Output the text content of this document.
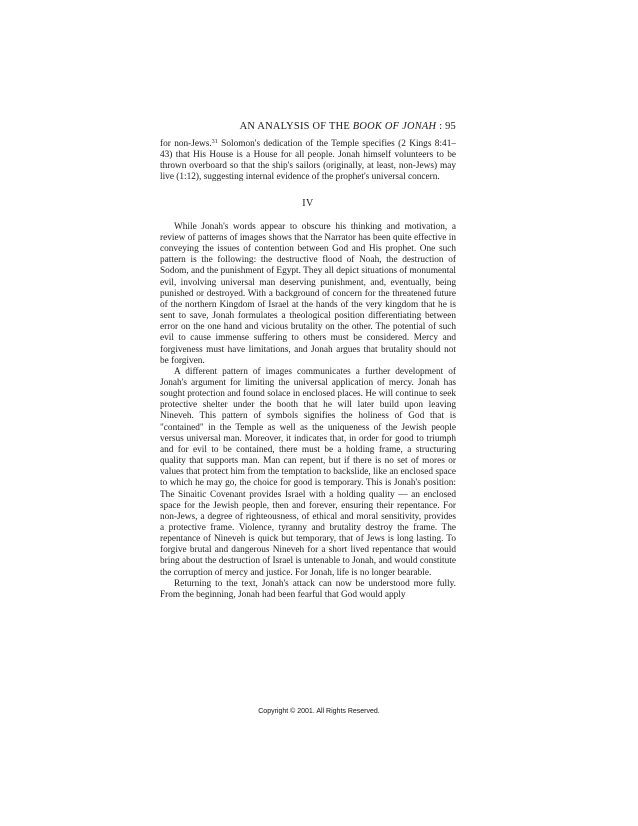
AN ANALYSIS OF THE BOOK OF JONAH : 95

for non-Jews.$^{31}$ Solomon's dedication of the Temple specifies (2 Kings 8:41–43) that His House is a House for all people. Jonah himself volunteers to be thrown overboard so that the ship's sailors (originally, at least, non-Jews) may live (1:12), suggesting internal evidence of the prophet's universal concern.

IV

While Jonah's words appear to obscure his thinking and motivation, a review of patterns of images shows that the Narrator has been quite effective in conveying the issues of contention between God and His prophet. One such pattern is the following: the destructive flood of Noah, the destruction of Sodom, and the punishment of Egypt. They all depict situations of monumental evil, involving universal man deserving punishment, and, eventually, being punished or destroyed. With a background of concern for the threatened future of the northern Kingdom of Israel at the hands of the very kingdom that he is sent to save, Jonah formulates a theological position differentiating between error on the one hand and vicious brutality on the other. The potential of such evil to cause immense suffering to others must be considered. Mercy and forgiveness must have limitations, and Jonah argues that brutality should not be forgiven.

A different pattern of images communicates a further development of Jonah's argument for limiting the universal application of mercy. Jonah has sought protection and found solace in enclosed places. He will continue to seek protective shelter under the booth that he will later build upon leaving Nineveh. This pattern of symbols signifies the holiness of God that is "contained" in the Temple as well as the uniqueness of the Jewish people versus universal man. Moreover, it indicates that, in order for good to triumph and for evil to be contained, there must be a holding frame, a structuring quality that supports man. Man can repent, but if there is no set of mores or values that protect him from the temptation to backslide, like an enclosed space to which he may go, the choice for good is temporary. This is Jonah's position: The Sinaitic Covenant provides Israel with a holding quality — an enclosed space for the Jewish people, then and forever, ensuring their repentance. For non-Jews, a degree of righteousness, of ethical and moral sensitivity, provides a protective frame. Violence, tyranny and brutality destroy the frame. The repentance of Nineveh is quick but temporary, that of Jews is long lasting. To forgive brutal and dangerous Nineveh for a short lived repentance that would bring about the destruction of Israel is untenable to Jonah, and would constitute the corruption of mercy and justice. For Jonah, life is no longer bearable.

Returning to the text, Jonah's attack can now be understood more fully. From the beginning, Jonah had been fearful that God would apply

Copyright © 2001. All Rights Reserved.
